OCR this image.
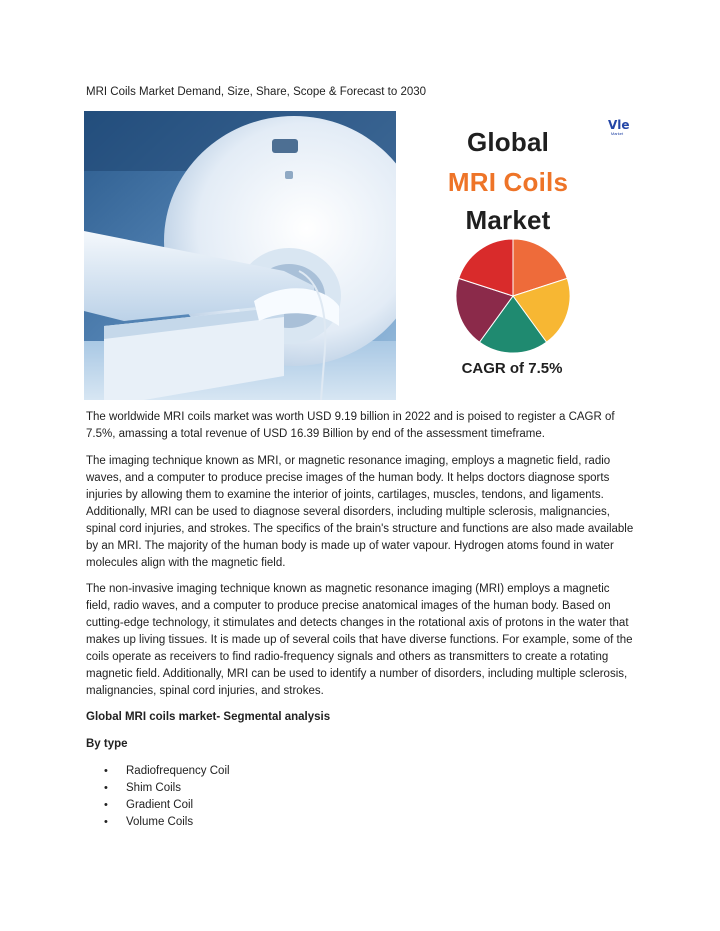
MRI Coils Market Demand, Size, Share, Scope & Forecast to 2030
Vle
Market
Global
MRI Coils
Market
CAGR of 7.5%

The worldwide MRI coils market was worth USD 9.19 billion in 2022 and is poised to register a CAGR of 7.5%, amassing a total revenue of USD 16.39 Billion by end of the assessment timeframe.

The imaging technique known as MRI, or magnetic resonance imaging, employs a magnetic field, radio waves, and a computer to produce precise images of the human body. It helps doctors diagnose sports injuries by allowing them to examine the interior of joints, cartilages, muscles, tendons, and ligaments. Additionally, MRI can be used to diagnose several disorders, including multiple sclerosis, malignancies, spinal cord injuries, and strokes. The specifics of the brain's structure and functions are also made available by an MRI. The majority of the human body is made up of water vapour. Hydrogen atoms found in water molecules align with the magnetic field.

The non-invasive imaging technique known as magnetic resonance imaging (MRI) employs a magnetic field, radio waves, and a computer to produce precise anatomical images of the human body. Based on cutting-edge technology, it stimulates and detects changes in the rotational axis of protons in the water that makes up living tissues. It is made up of several coils that have diverse functions. For example, some of the coils operate as receivers to find radio-frequency signals and others as transmitters to create a rotating magnetic field. Additionally, MRI can be used to identify a number of disorders, including multiple sclerosis, malignancies, spinal cord injuries, and strokes.

Global MRI coils market- Segmental analysis
By type
• Radiofrequency Coil
• Shim Coils
• Gradient Coil
• Volume Coils
